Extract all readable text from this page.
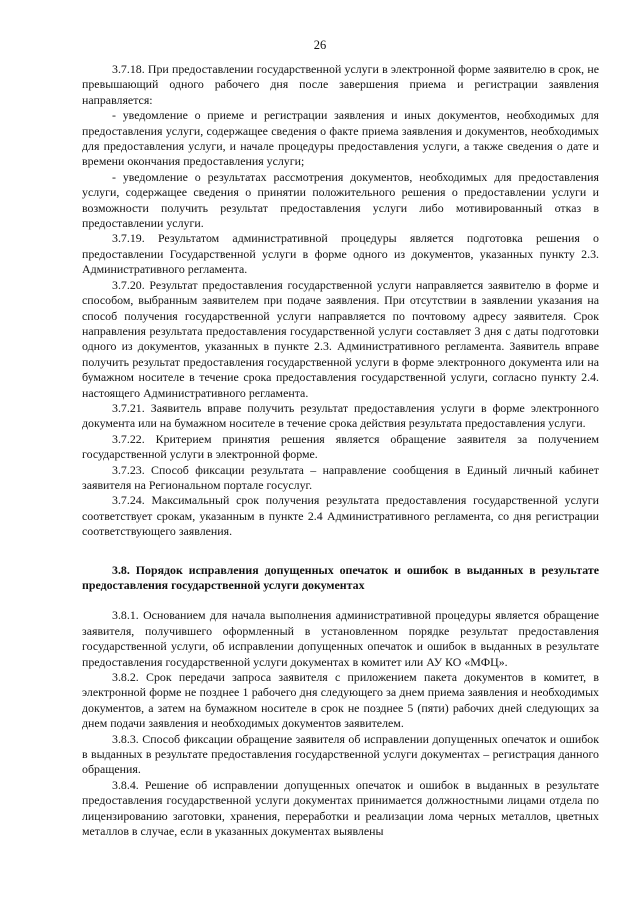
26

3.7.18. При предоставлении государственной услуги в электронной форме заявителю в срок, не превышающий одного рабочего дня после завершения приема и регистрации заявления направляется:

- уведомление о приеме и регистрации заявления и иных документов, необходимых для предоставления услуги, содержащее сведения о факте приема заявления и документов, необходимых для предоставления услуги, и начале процедуры предоставления услуги, а также сведения о дате и времени окончания предоставления услуги;

- уведомление о результатах рассмотрения документов, необходимых для предоставления услуги, содержащее сведения о принятии положительного решения о предоставлении услуги и возможности получить результат предоставления услуги либо мотивированный отказ в предоставлении услуги.

3.7.19. Результатом административной процедуры является подготовка решения о предоставлении Государственной услуги в форме одного из документов, указанных пункту 2.3. Административного регламента.

3.7.20. Результат предоставления государственной услуги направляется заявителю в форме и способом, выбранным заявителем при подаче заявления. При отсутствии в заявлении указания на способ получения государственной услуги направляется по почтовому адресу заявителя. Срок направления результата предоставления государственной услуги составляет 3 дня с даты подготовки одного из документов, указанных в пункте 2.3. Административного регламента. Заявитель вправе получить результат предоставления государственной услуги в форме электронного документа или на бумажном носителе в течение срока предоставления государственной услуги, согласно пункту 2.4. настоящего Административного регламента.

3.7.21. Заявитель вправе получить результат предоставления услуги в форме электронного документа или на бумажном носителе в течение срока действия результата предоставления услуги.

3.7.22. Критерием принятия решения является обращение заявителя за получением государственной услуги в электронной форме.

3.7.23. Способ фиксации результата – направление сообщения в Единый личный кабинет заявителя на Региональном портале госуслуг.

3.7.24. Максимальный срок получения результата предоставления государственной услуги соответствует срокам, указанным в пункте 2.4 Административного регламента, со дня регистрации соответствующего заявления.

3.8. Порядок исправления допущенных опечаток и ошибок в выданных в результате предоставления государственной услуги документах

3.8.1. Основанием для начала выполнения административной процедуры является обращение заявителя, получившего оформленный в установленном порядке результат предоставления государственной услуги, об исправлении допущенных опечаток и ошибок в выданных в результате предоставления государственной услуги документах в комитет или АУ КО «МФЦ».

3.8.2. Срок передачи запроса заявителя с приложением пакета документов в комитет, в электронной форме не позднее 1 рабочего дня следующего за днем приема заявления и необходимых документов, а затем на бумажном носителе в срок не позднее 5 (пяти) рабочих дней следующих за днем подачи заявления и необходимых документов заявителем.

3.8.3. Способ фиксации обращение заявителя об исправлении допущенных опечаток и ошибок в выданных в результате предоставления государственной услуги документах – регистрация данного обращения.

3.8.4. Решение об исправлении допущенных опечаток и ошибок в выданных в результате предоставления государственной услуги документах принимается должностными лицами отдела по лицензированию заготовки, хранения, переработки и реализации лома черных металлов, цветных металлов в случае, если в указанных документах выявлены
